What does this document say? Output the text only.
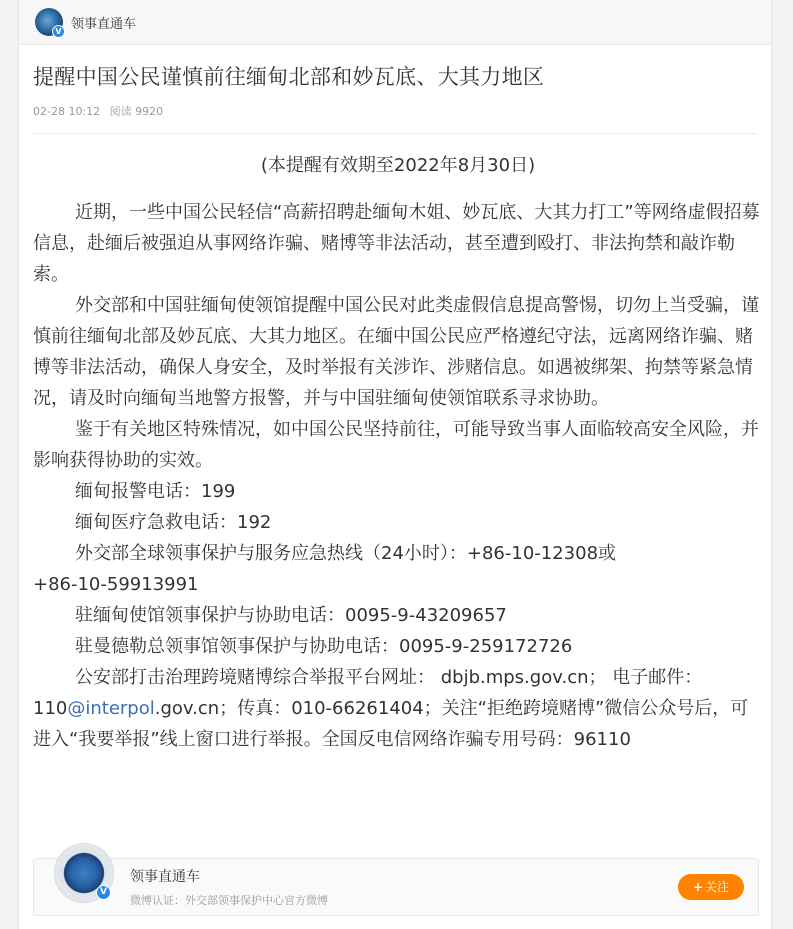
V 领事直通车
提醒中国公民谨慎前往缅甸北部和妙瓦底、大其力地区
02-28 10:12 阅读 9920

(本提醒有效期至2022年8月30日)

近期，一些中国公民轻信“高薪招聘赴缅甸木姐、妙瓦底、大其力打工”等网络虚假招募信息，赴缅后被强迫从事网络诈骗、赌博等非法活动，甚至遭到殴打、非法拘禁和敲诈勒索。

外交部和中国驻缅甸使领馆提醒中国公民对此类虚假信息提高警惕，切勿上当受骗，谨慎前往缅甸北部及妙瓦底、大其力地区。在缅中国公民应严格遵纪守法，远离网络诈骗、赌博等非法活动，确保人身安全，及时举报有关涉诈、涉赌信息。如遇被绑架、拘禁等紧急情况，请及时向缅甸当地警方报警，并与中国驻缅甸使领馆联系寻求协助。

鉴于有关地区特殊情况，如中国公民坚持前往，可能导致当事人面临较高安全风险，并影响获得协助的实效。

缅甸报警电话：199

缅甸医疗急救电话：192

外交部全球领事保护与服务应急热线（24小时）：+86-10-12308或

+86-10-59913991

驻缅甸使馆领事保护与协助电话：0095-9-43209657

驻曼德勒总领事馆领事保护与协助电话：0095-9-259172726

公安部打击治理跨境赌博综合举报平台网址： dbjb.mps.gov.cn； 电子邮件：110@interpol.gov.cn；传真：010-66261404；关注“拒绝跨境赌博”微信公众号后，可进入“我要举报”线上窗口进行举报。全国反电信网络诈骗专用号码：96110

V
领事直通车
微博认证：外交部领事保护中心官方微博
+ 关注
